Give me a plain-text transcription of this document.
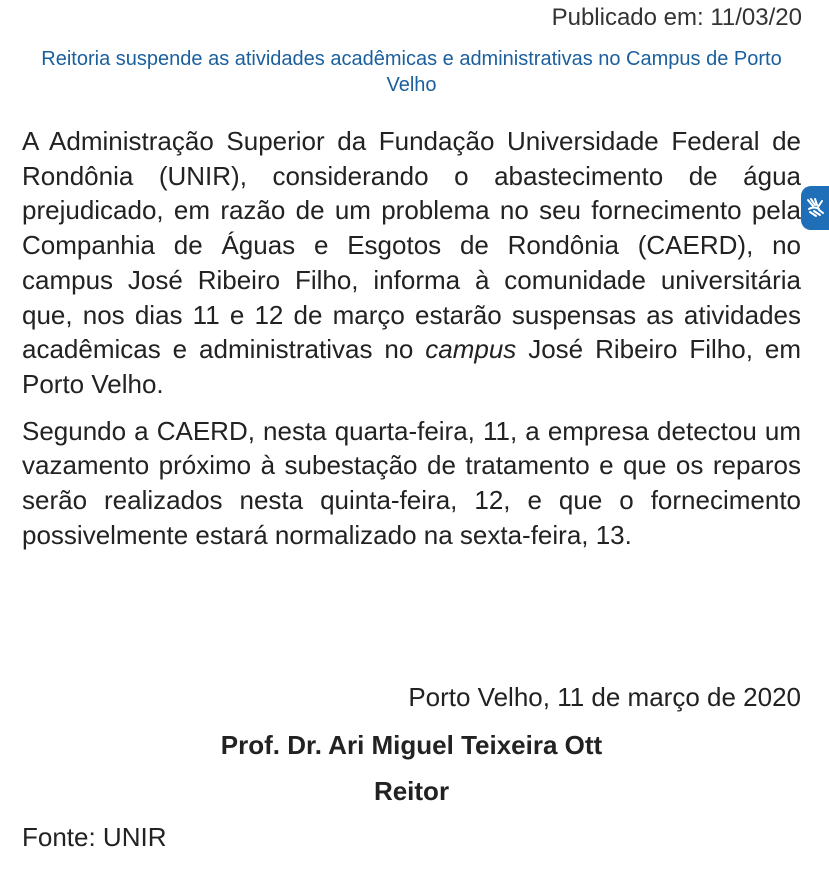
Publicado em: 11/03/20
Reitoria suspende as atividades acadêmicas e administrativas no Campus de Porto Velho

A Administração Superior da Fundação Universidade Federal de Rondônia (UNIR), considerando o abastecimento de água prejudicado, em razão de um problema no seu fornecimento pela Companhia de Águas e Esgotos de Rondônia (CAERD), no campus José Ribeiro Filho, informa à comunidade universitária que, nos dias 11 e 12 de março estarão suspensas as atividades acadêmicas e administrativas no campus José Ribeiro Filho, em Porto Velho.

Segundo a CAERD, nesta quarta-feira, 11, a empresa detectou um vazamento próximo à subestação de tratamento e que os reparos serão realizados nesta quinta-feira, 12, e que o fornecimento possivelmente estará normalizado na sexta-feira, 13.

Porto Velho, 11 de março de 2020
Prof. Dr. Ari Miguel Teixeira Ott
Reitor
Fonte: UNIR
